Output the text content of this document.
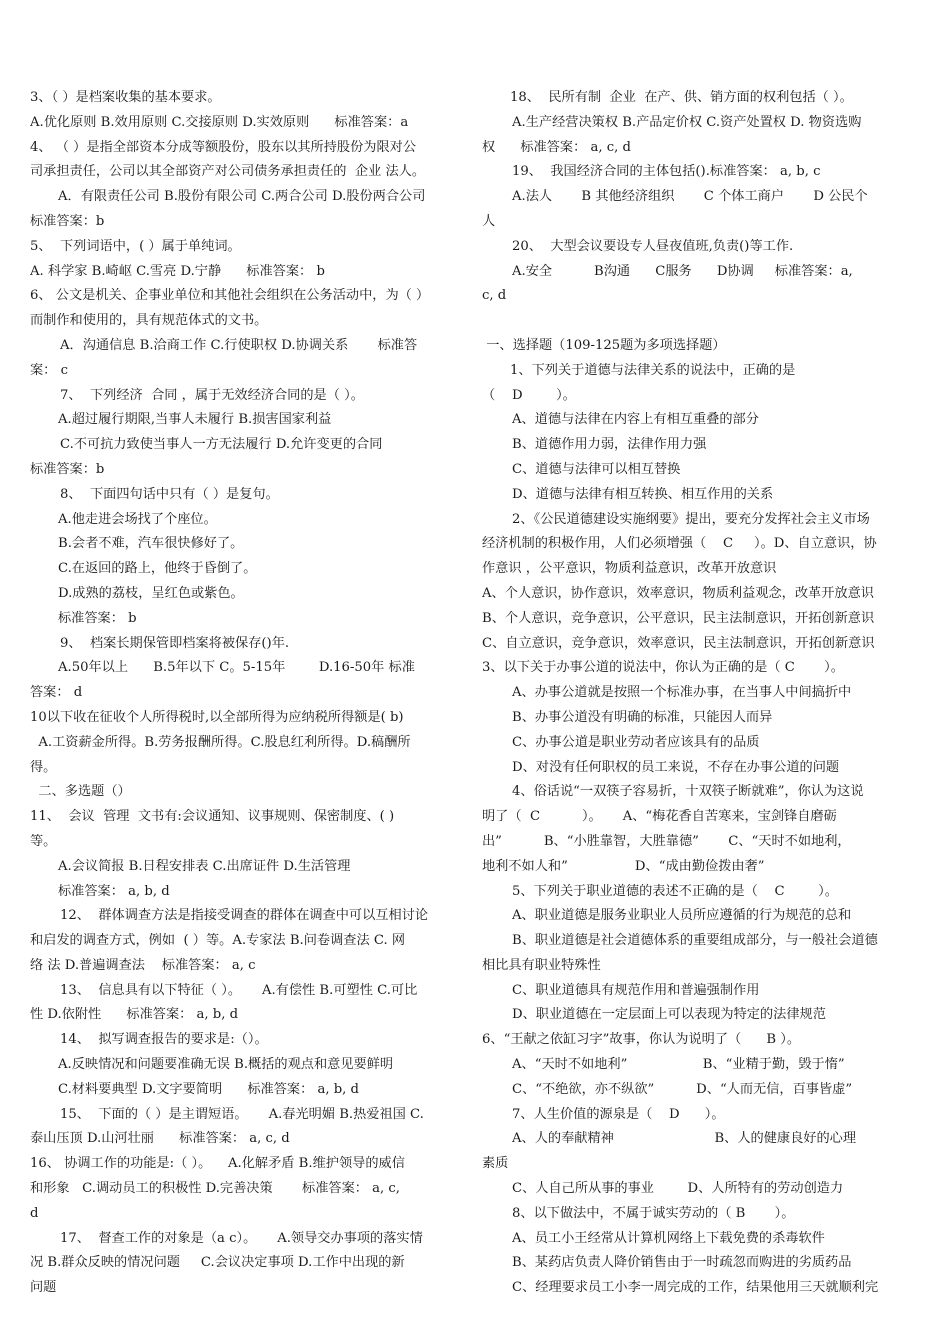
3、（ ）是档案收集的基本要求。
A.优化原则 B.效用原则 C.交接原则 D.实效原则      标准答案：a
4、 （ ）是指全部资本分成等额股份，股东以其所持股份为限对公
司承担责任，公司以其全部资产对公司债务承担责任的  企业 法人。
A．有限责任公司 B.股份有限公司 C.两合公司 D.股份两合公司
标准答案：b
5、  下列词语中，( ）属于单纯词。
A. 科学家 B.崎岖 C.雪亮 D.宁静      标准答案： b
6、 公文是机关、企事业单位和其他社会组织在公务活动中，为（ ）
而制作和使用的，具有规范体式的文书。
A．沟通信息 B.洽商工作 C.行使职权 D.协调关系       标准答
案： c
7、  下列经济  合同 ，属于无效经济合同的是（ ）。
A.超过履行期限,当事人未履行 B.损害国家利益
C.不可抗力致使当事人一方无法履行 D.允许变更的合同
标准答案：b
8、  下面四句话中只有（ ）是复句。
A.他走进会场找了个座位。
B.会者不难，汽车很快修好了。
C.在返回的路上，他终于昏倒了。
D.成熟的荔枝，呈红色或紫色。
标准答案： b
9、  档案长期保管即档案将被保存()年.
A.50年以上      B.5年以下 C。5-15年        D.16-50年 标准
答案： d
10以下收在征收个人所得税时,以全部所得为应纳税所得额是( b)
A.工资薪金所得。B.劳务报酬所得。C.股息红利所得。D.稿酬所
得。
二、多选题（）
11、  会议  管理  文书有:会议通知、议事规则、保密制度、( )
等。
A.会议简报 B.日程安排表 C.出席证件 D.生活管理
标准答案： a, b, d
12、  群体调查方法是指接受调查的群体在调查中可以互相讨论
和启发的调查方式，例如  ( ）等。A.专家法 B.问卷调查法 C. 网
络 法 D.普遍调查法    标准答案： a, c
13、  信息具有以下特征（ ）。     A.有偿性 B.可塑性 C.可比
性 D.依附性      标准答案： a, b, d
14、  拟写调查报告的要求是:（）。
A.反映情况和问题要准确无误 B.概括的观点和意见要鲜明
C.材料要典型 D.文字要简明      标准答案： a, b, d
15、  下面的（ ）是主谓短语。     A.春光明媚 B.热爱祖国 C.
泰山压顶 D.山河壮丽      标准答案： a, c, d
16、 协调工作的功能是:（ ）。    A.化解矛盾 B.维护领导的威信
和形象   C.调动员工的积极性 D.完善决策       标准答案： a, c,
d
17、  督查工作的对象是（a c）。     A.领导交办事项的落实情
况 B.群众反映的情况问题     C.会议决定事项 D.工作中出现的新
问题
18、  民所有制  企业  在产、供、销方面的权利包括（ ）。
A.生产经营决策权 B.产品定价权 C.资产处置权 D. 物资选购
权      标准答案： a, c, d
19、  我国经济合同的主体包括().标准答案： a, b, c
A.法人       B 其他经济组织       C 个体工商户       D 公民个
人
20、  大型会议要设专人昼夜值班,负责()等工作.
A.安全          B沟通      C服务      D协调     标准答案：a,
c, d
一、选择题（109-125题为多项选择题）
1、下列关于道德与法律关系的说法中，正确的是
（    D        ）。
A、道德与法律在内容上有相互重叠的部分
B、道德作用力弱，法律作用力强
C、道德与法律可以相互替换
D、道德与法律有相互转换、相互作用的关系
2、《公民道德建设实施纲要》提出，要充分发挥社会主义市场
经济机制的积极作用，人们必须增强（    C     ）。D、自立意识，协
作意识 ，公平意识，物质利益意识，改革开放意识
A、个人意识，协作意识，效率意识，物质利益观念，改革开放意识
B、个人意识，竞争意识，公平意识，民主法制意识，开拓创新意识
C、自立意识，竞争意识，效率意识，民主法制意识，开拓创新意识
3、以下关于办事公道的说法中，你认为正确的是（ C       ）。
A、办事公道就是按照一个标准办事，在当事人中间搞折中
B、办事公道没有明确的标准，只能因人而异
C、办事公道是职业劳动者应该具有的品质
D、对没有任何职权的员工来说，不存在办事公道的问题
4、俗话说“一双筷子容易折，十双筷子断就难”，你认为这说
明了（  C          ）。     A、“梅花香自苦寒来，宝剑锋自磨砺
出”          B、“小胜靠智，大胜靠德”       C、“天时不如地利，
地利不如人和”                D、“成由勤俭拨由奢”
5、下列关于职业道德的表述不正确的是（    C        ）。
A、职业道德是服务业职业人员所应遵循的行为规范的总和
B、职业道德是社会道德体系的重要组成部分，与一般社会道德
相比具有职业特殊性
C、职业道德具有规范作用和普遍强制作用
D、职业道德在一定层面上可以表现为特定的法律规范
6、“王献之依缸习字”故事，你认为说明了（      B ）。
A、“天时不如地利”                  B、“业精于勤，毁于惰”
C、“不绝欲，亦不纵欲”          D、“人而无信，百事皆虚”
7、人生价值的源泉是（    D      ）。
A、人的奉献精神                        B、人的健康良好的心理
素质
C、人自己所从事的事业        D、人所特有的劳动创造力
8、以下做法中，不属于诚实劳动的（ B       ）。
A、员工小王经常从计算机网络上下载免费的杀毒软件
B、某药店负责人降价销售由于一时疏忽而购进的劣质药品
C、经理要求员工小李一周完成的工作，结果他用三天就顺利完
